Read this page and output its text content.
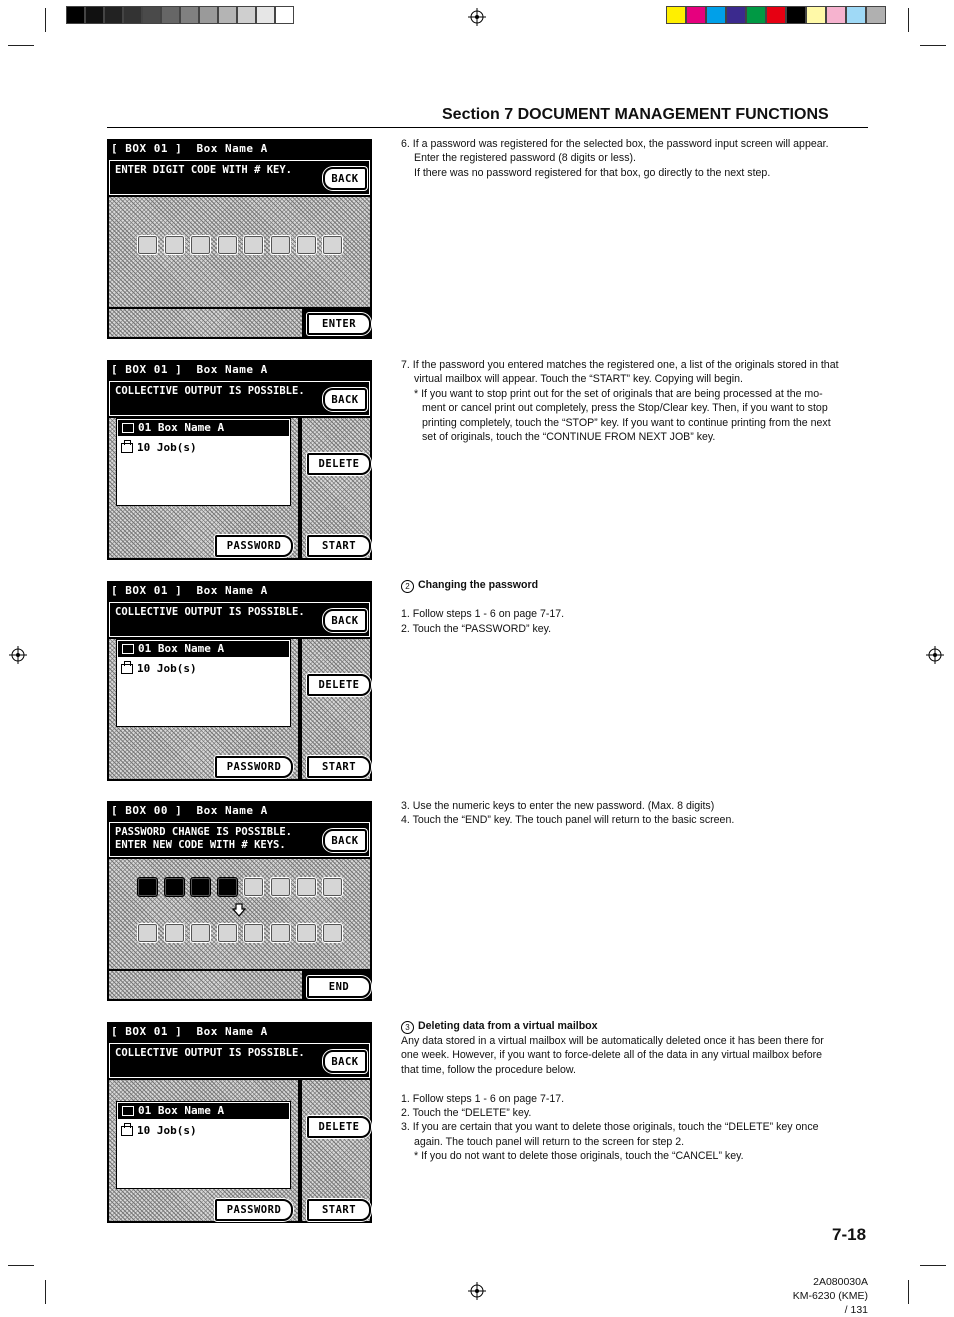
Section 7 DOCUMENT MANAGEMENT FUNCTIONS
[ BOX 01 ]  Box Name A
ENTER DIGIT CODE WITH # KEY.
BACK
ENTER
[ BOX 01 ]  Box Name A
COLLECTIVE OUTPUT IS POSSIBLE.
BACK
01 Box Name A
10 Job(s)
DELETE
PASSWORD	START
[ BOX 01 ]  Box Name A
COLLECTIVE OUTPUT IS POSSIBLE.
BACK
01 Box Name A
10 Job(s)
DELETE
PASSWORD	START
[ BOX 00 ]  Box Name A
PASSWORD CHANGE IS POSSIBLE.
ENTER NEW CODE WITH # KEYS.	BACK
END
[ BOX 01 ]  Box Name A
COLLECTIVE OUTPUT IS POSSIBLE.
BACK
01 Box Name A
10 Job(s)	DELETE
PASSWORD	START

6. If a password was registered for the selected box, the password input screen will appear.

Enter the registered password (8 digits or less).

If there was no password registered for that box, go directly to the next step.

7. If the password you entered matches the registered one, a list of the originals stored in that

virtual mailbox will appear. Touch the “START” key. Copying will begin.

* If you want to stop print out for the set of originals that are being processed at the mo-

ment or cancel print out completely, press the Stop/Clear key. Then, if you want to stop

printing completely, touch the “STOP” key. If you want to continue printing from the next

set of originals, touch the “CONTINUE FROM NEXT JOB” key.

2 Changing the password

1. Follow steps 1 - 6 on page 7-17.

2. Touch the “PASSWORD” key.

3. Use the numeric keys to enter the new password. (Max. 8 digits)

4. Touch the “END” key. The touch panel will return to the basic screen.

3 Deleting data from a virtual mailbox

Any data stored in a virtual mailbox will be automatically deleted once it has been there for

one week. However, if you want to force-delete all of the data in any virtual mailbox before

that time, follow the procedure below.

1. Follow steps 1 - 6 on page 7-17.

2. Touch the “DELETE” key.

3. If you are certain that you want to delete those originals, touch the “DELETE” key once

again. The touch panel will return to the screen for step 2.

* If you do not want to delete those originals, touch the “CANCEL” key.

7-18
2A080030A
KM-6230 (KME)
/ 131
